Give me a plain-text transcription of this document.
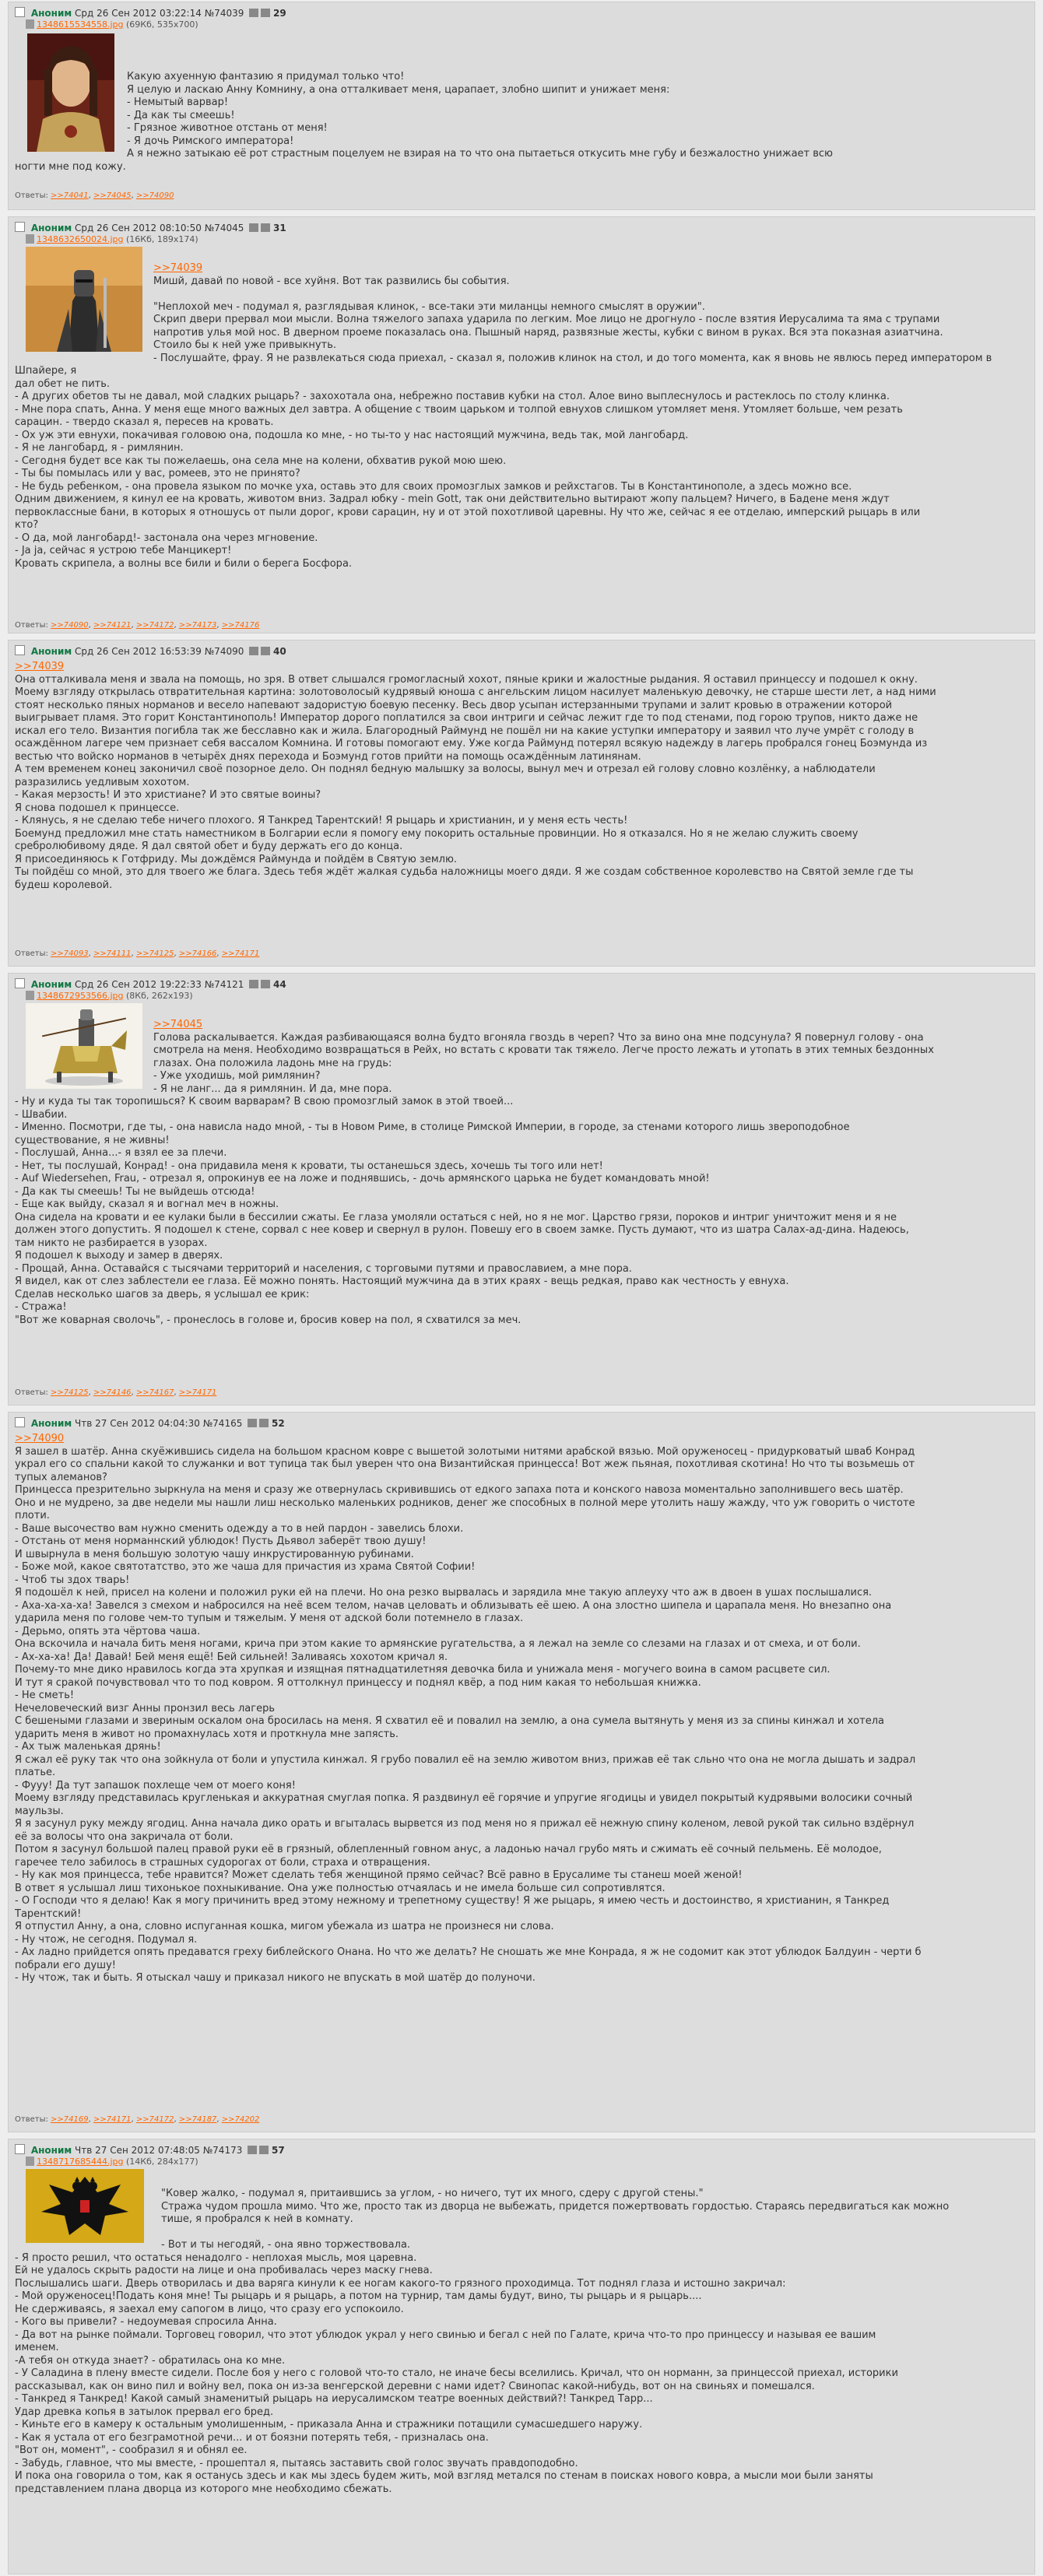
Аноним Срд 26 Сен 2012 03:22:14 №74039	29
1348615534558.jpg (69Кб, 535x700)
Какую ахуенную фантазию я придумал только что!
Я целую и ласкаю Анну Комнину, а она отталкивает меня, царапает, злобно шипит и унижает меня:
- Немытый варвар!
- Да как ты смеешь!
- Грязное животное отстань от меня!
- Я дочь Римского императора!
А я нежно затыкаю её рот страстным поцелуем не взирая на то что она пытаеться откусить мне губу и безжалостно унижает всю
ногти мне под кожу.
Ответы: >>74041, >>74045, >>74090
Аноним Срд 26 Сен 2012 08:10:50 №74045	31
1348632650024.jpg (16Кб, 189x174)
>>74039
Мишй, давай по новой - все хуйня. Вот так развились бы события.

"Неплохой меч - подумал я, разглядывая клинок, - все-таки эти миланцы немного смыслят в оружии".
Скрип двери прервал мои мысли. Волна тяжелого запаха ударила по легким. Мое лицо не дрогнуло - после взятия Иерусалима та яма с трупами
напротив улья мой нос. В дверном проеме показалась она. Пышный наряд, развязные жесты, кубки с вином в руках. Вся эта показная азиатчина.
Стоило бы к ней уже привыкнуть.
- Послушайте, фрау. Я не развлекаться сюда приехал, - сказал я, положив клинок на стол, и до того момента, как я вновь не явлюсь перед императором в Шпайере, я
дал обет не пить.
- А других обетов ты не давал, мой сладких рыцарь? - захохотала она, небрежно поставив кубки на стол. Алое вино выплеснулось и растеклось по столу клинка.
- Мне пора спать, Анна. У меня еще много важных дел завтра. А общение с твоим царьком и толпой евнухов слишком утомляет меня. Утомляет больше, чем резать
сарацин. - твердо сказал я, пересев на кровать.
- Ох уж эти евнухи, покачивая головою она, подошла ко мне, - но ты-то у нас настоящий мужчина, ведь так, мой лангобард.
- Я не лангобард, я - римлянин.
- Сегодня будет все как ты пожелаешь, она села мне на колени, обхватив рукой мою шею.
- Ты бы помылась или у вас, ромеев, это не принято?
- Не будь ребенком, - она провела языком по мочке уха, оставь это для своих промозглых замков и рейхстагов. Ты в Константинополе, а здесь можно все.
Одним движением, я кинул ее на кровать, животом вниз. Задрал юбку - mein Gott, так они действительно вытирают жопу пальцем? Ничего, в Бадене меня ждут
первоклассные бани, в которых я отношусь от пыли дорог, крови сарацин, ну и от этой похотливой царевны. Ну что же, сейчас я ее отделаю, имперский рыцарь в или
кто?
- О да, мой лангобард!- застонала она через мгновение.
- Ja ja, сейчас я устрою тебе Манцикерт!
Кровать скрипела, а волны все били и били о берега Босфора.
Ответы: >>74090, >>74121, >>74172, >>74173, >>74176
Аноним Срд 26 Сен 2012 16:53:39 №74090	40
>>74039
Она отталкивала меня и звала на помощь, но зря. В ответ слышался громогласный хохот, пяные крики и жалостные рыдания. Я оставил принцессу и подошел к окну.
Моему взгляду открылась отвратительная картина: золотоволосый кудрявый юноша с ангельским лицом насилует маленькую девочку, не старше шести лет, а над ними
стоят несколько пяных норманов и весело напевают задористую боевую песенку. Весь двор усыпан истерзанными трупами и залит кровью в отражении которой
выигрывает пламя. Это горит Константинополь! Император дорого поплатился за свои интриги и сейчас лежит где то под стенами, под горою трупов, никто даже не
искал его тело. Византия погибла так же бесславно как и жила. Благородный Раймунд не пошёл ни на какие уступки императору и заявил что луче умрёт с голоду в
осаждённом лагере чем признает себя вассалом Комнина. И готовы помогают ему. Уже когда Раймунд потерял всякую надежду в лагерь пробрался гонец Боэмунда из
вестью что войско норманов в четырёх днях перехода и Боэмунд готов прийти на помощь осаждённым латинянам.
А тем временем конец законичил своё позорное дело. Он поднял бедную малышку за волосы, вынул меч и отрезал ей голову словно козлёнку, а наблюдатели
разразились уедливым хохотом.
- Какая мерзость! И это христиане? И это святые воины?
Я снова подошел к принцессе.
- Клянусь, я не сделаю тебе ничего плохого. Я Танкред Тарентский! Я рыцарь и христианин, и у меня есть честь!
Боемунд предложил мне стать наместником в Болгарии если я помогу ему покорить остальные провинции. Но я отказался. Но я не желаю служить своему
сребролюбивому дяде. Я дал святой обет и буду держать его до конца.
Я присоединяюсь к Готфриду. Мы дождёмся Раймунда и пойдём в Святую землю.
Ты пойдёш со мной, это для твоего же блага. Здесь тебя ждёт жалкая судьба наложницы моего дяди. Я же создам собственное королевство на Святой земле где ты
будеш королевой.
Ответы: >>74093, >>74111, >>74125, >>74166, >>74171
Аноним Срд 26 Сен 2012 19:22:33 №74121	44
1348672953566.jpg (8Кб, 262x193)
>>74045
Голова раскалывается. Каждая разбивающаяся волна будто вгоняла гвоздь в череп? Что за вино она мне подсунула? Я повернул голову - она
смотрела на меня. Необходимо возвращаться в Рейх, но встать с кровати так тяжело. Легче просто лежать и утопать в этих темных бездонных
глазах. Она положила ладонь мне на грудь:
- Уже уходишь, мой римлянин?
- Я не ланг... да я римлянин. И да, мне пора.
- Ну и куда ты так торопишься? К своим варварам? В свою промозглый замок в этой твоей...
- Швабии.
- Именно. Посмотри, где ты, - она нависла надо мной, - ты в Новом Риме, в столице Римской Империи, в городе, за стенами которого лишь звероподобное
существование, я не живны!
- Послушай, Анна...- я взял ее за плечи.
- Нет, ты послушай, Конрад! - она придавила меня к кровати, ты останешься здесь, хочешь ты того или нет!
- Auf Wiedersehen, Frau, - отрезал я, опрокинув ее на ложе и поднявшись, - дочь армянского царька не будет командовать мной!
- Да как ты смеешь! Ты не выйдешь отсюда!
- Еще как выйду, сказал я и вогнал меч в ножны.
Она сидела на кровати и ее кулаки были в бессилии сжаты. Ее глаза умоляли остаться с ней, но я не мог. Царство грязи, пороков и интриг уничтожит меня и я не
должен этого допустить. Я подошел к стене, сорвал с нее ковер и свернул в рулон. Повешу его в своем замке. Пусть думают, что из шатра Салах-ад-дина. Надеюсь,
там никто не разбирается в узорах.
Я подошел к выходу и замер в дверях.
- Прощай, Анна. Оставайся с тысячами территорий и населения, с торговыми путями и православием, а мне пора.
Я видел, как от слез заблестели ее глаза. Её можно понять. Настоящий мужчина да в этих краях - вещь редкая, право как честность у евнуха.
Сделав несколько шагов за дверь, я услышал ее крик:
- Стража!
"Вот же коварная сволочь", - пронеслось в голове и, бросив ковер на пол, я схватился за меч.
Ответы: >>74125, >>74146, >>74167, >>74171
Аноним Чтв 27 Сен 2012 04:04:30 №74165	52
>>74090
Я зашел в шатёр. Анна скуёжившись сидела на большом красном ковре с вышетой золотыми нитями арабской вязью. Мой оруженосец - придурковатый шваб Конрад
украл его со спальни какой то служанки и вот тупица так был уверен что она Византийская принцесса! Вот жеж пьяная, похотливая скотина! Но что ты возьмешь от
тупых алеманов?
Принцесса презрительно зыркнула на меня и сразу же отвернулась скривившись от едкого запаха пота и конского навоза моментально заполнившего весь шатёр.
Оно и не мудрено, за две недели мы нашли лиш несколько маленьких родников, денег же способных в полной мере утолить нашу жажду, что уж говорить о чистоте
плоти.
- Ваше высочество вам нужно сменить одежду а то в ней пардон - завелись блохи.
- Отстань от меня норманнский ублюдок! Пусть Дьявол заберёт твою душу!
И швырнула в меня большую золотую чашу инкрустированную рубинами.
- Боже мой, какое святотатство, это же чаша для причастия из храма Святой Софии!
- Чтоб ты здох тварь!
Я подошёл к ней, присел на колени и положил руки ей на плечи. Но она резко вырвалась и зарядила мне такую аплеуху что аж в двоен в ушах послышалися.
- Аха-ха-ха-ха! Завелся з смехом и набросился на неё всем телом, начав целовать и облизывать её шею. А она злостно шипела и царапала меня. Но внезапно она
ударила меня по голове чем-то тупым и тяжелым. У меня от адской боли потемнело в глазах.
- Дерьмо, опять эта чёртова чаша.
Она вскочила и начала бить меня ногами, крича при этом какие то армянские ругательства, а я лежал на земле со слезами на глазах и от смеха, и от боли.
- Ах-ха-ха! Да! Давай! Бей меня ещё! Бей сильней! Заливаясь хохотом кричал я.
Почему-то мне дико нравилось когда эта хрупкая и изящная пятнадцатилетняя девочка била и унижала меня - могучего воина в самом расцвете сил.
И тут я сракой почувствовал что то под ковром. Я оттолкнул принцессу и поднял квёр, а под ним какая то небольшая книжка.
- Не сметь!
Нечеловеческий визг Анны пронзил весь лагерь
С бешеными глазами и звериным оскалом она бросилась на меня. Я схватил её и повалил на землю, а она сумела вытянуть у меня из за спины кинжал и хотела
ударить меня в живот но промахнулась хотя и проткнула мне запясть.
- Ах тыж маленькая дрянь!
Я сжал её руку так что она зойкнула от боли и упустила кинжал. Я грубо повалил её на землю животом вниз, прижав её так сльно что она не могла дышать и задрал
платье.
- Фууу! Да тут запашок похлеще чем от моего коня!
Моему взгляду представилась кругленькая и аккуратная смуглая попка. Я раздвинул её горячие и упругие ягодицы и увидел покрытый кудрявыми волосики сочный
маульзы.
Я я засунул руку между ягодиц. Анна начала дико орать и вгыталась вырвется из под меня но я прижал её нежную спину коленом, левой рукой так сильно вздёрнул
её за волосы что она закричала от боли.
Потом я засунул большой палец правой руки её в грязный, облепленный говном анус, а ладонью начал грубо мять и сжимать её сочный пельмень. Её молодое,
гаречее тело забилось в страшных судорогах от боли, страха и отвращения.
- Ну как моя принцесса, тебе нравится? Может сделать тебя женщиной прямо сейчас? Всё равно в Ерусалиме ты станеш моей женой!
В ответ я услышал лиш тихонькое похныкивание. Она уже полностью отчаялась и не имела больше сил сопротивлятся.
- О Господи что я делаю! Как я могу причинить вред этому нежному и трепетному существу! Я же рыцарь, я имею честь и достоинство, я христианин, я Танкред
Тарентский!
Я отпустил Анну, а она, словно испуганная кошка, мигом убежала из шатра не произнеся ни слова.
- Ну чтож, не сегодня. Подумал я.
- Ах ладно прийдется опять предаватся греху библейского Онана. Но что же делать? Не сношать же мне Конрада, я ж не содомит как этот ублюдок Балдуин - черти б
побрали его душу!
- Ну чтож, так и быть. Я отыскал чашу и приказал никого не впускать в мой шатёр до полуночи.
Ответы: >>74169, >>74171, >>74172, >>74187, >>74202
Аноним Чтв 27 Сен 2012 07:48:05 №74173	57
1348717685444.jpg (14Кб, 284x177)
"Ковер жалко, - подумал я, притаившись за углом, - но ничего, тут их много, сдеру с другой стены."
Стража чудом прошла мимо. Что же, просто так из дворца не выбежать, придется пожертвовать гордостью. Стараясь передвигаться как можно
тише, я пробрался к ней в комнату.

- Вот и ты негодяй, - она явно торжествовала.
- Я просто решил, что остаться ненадолго - неплохая мысль, моя царевна.
Ей не удалось скрыть радости на лице и она пробивалась через маску гнева.
Послышались шаги. Дверь отворилась и два варяга кинули к ее ногам какого-то грязного проходимца. Тот поднял глаза и истошно закричал:
- Мой оруженосец!Подать коня мне! Ты рыцарь и я рыцарь, а потом на турнир, там дамы будут, вино, ты рыцарь и я рыцарь....
Не сдерживаясь, я заехал ему сапогом в лицо, что сразу его успокоило.
- Кого вы привели? - недоумевая спросила Анна.
- Да вот на рынке поймали. Торговец говорил, что этот ублюдок украл у него свинью и бегал с ней по Галате, крича что-то про принцессу и называя ее вашим
именем.
-А тебя он откуда знает? - обратилась она ко мне.
- У Саладина в плену вместе сидели. После боя у него с головой что-то стало, не иначе бесы вселились. Кричал, что он норманн, за принцессой приехал, историки
рассказывал, как он вино пил и войну вел, пока он из-за венгерской деревни с нами идет? Свинопас какой-нибудь, вот он на свиньях и помешался.
- Танкред я Танкред! Какой самый знаменитый рыцарь на иерусалимском театре военных действий?! Танкред Тарр...
Удар древка копья в затылок прервал его бред.
- Киньте его в камеру к остальным умолишенным, - приказала Анна и стражники потащили сумасшедшего наружу.
- Как я устала от его безграмотной речи... и от боязни потерять тебя, - призналась она.
"Вот он, момент", - сообразил я и обнял ее.
- Забудь, главное, что мы вместе, - прошептал я, пытаясь заставить свой голос звучать правдоподобно.
И пока она говорила о том, как я останусь здесь и как мы здесь будем жить, мой взгляд метался по стенам в поисках нового ковра, а мысли мои были заняты
представлением плана дворца из которого мне необходимо сбежать.
